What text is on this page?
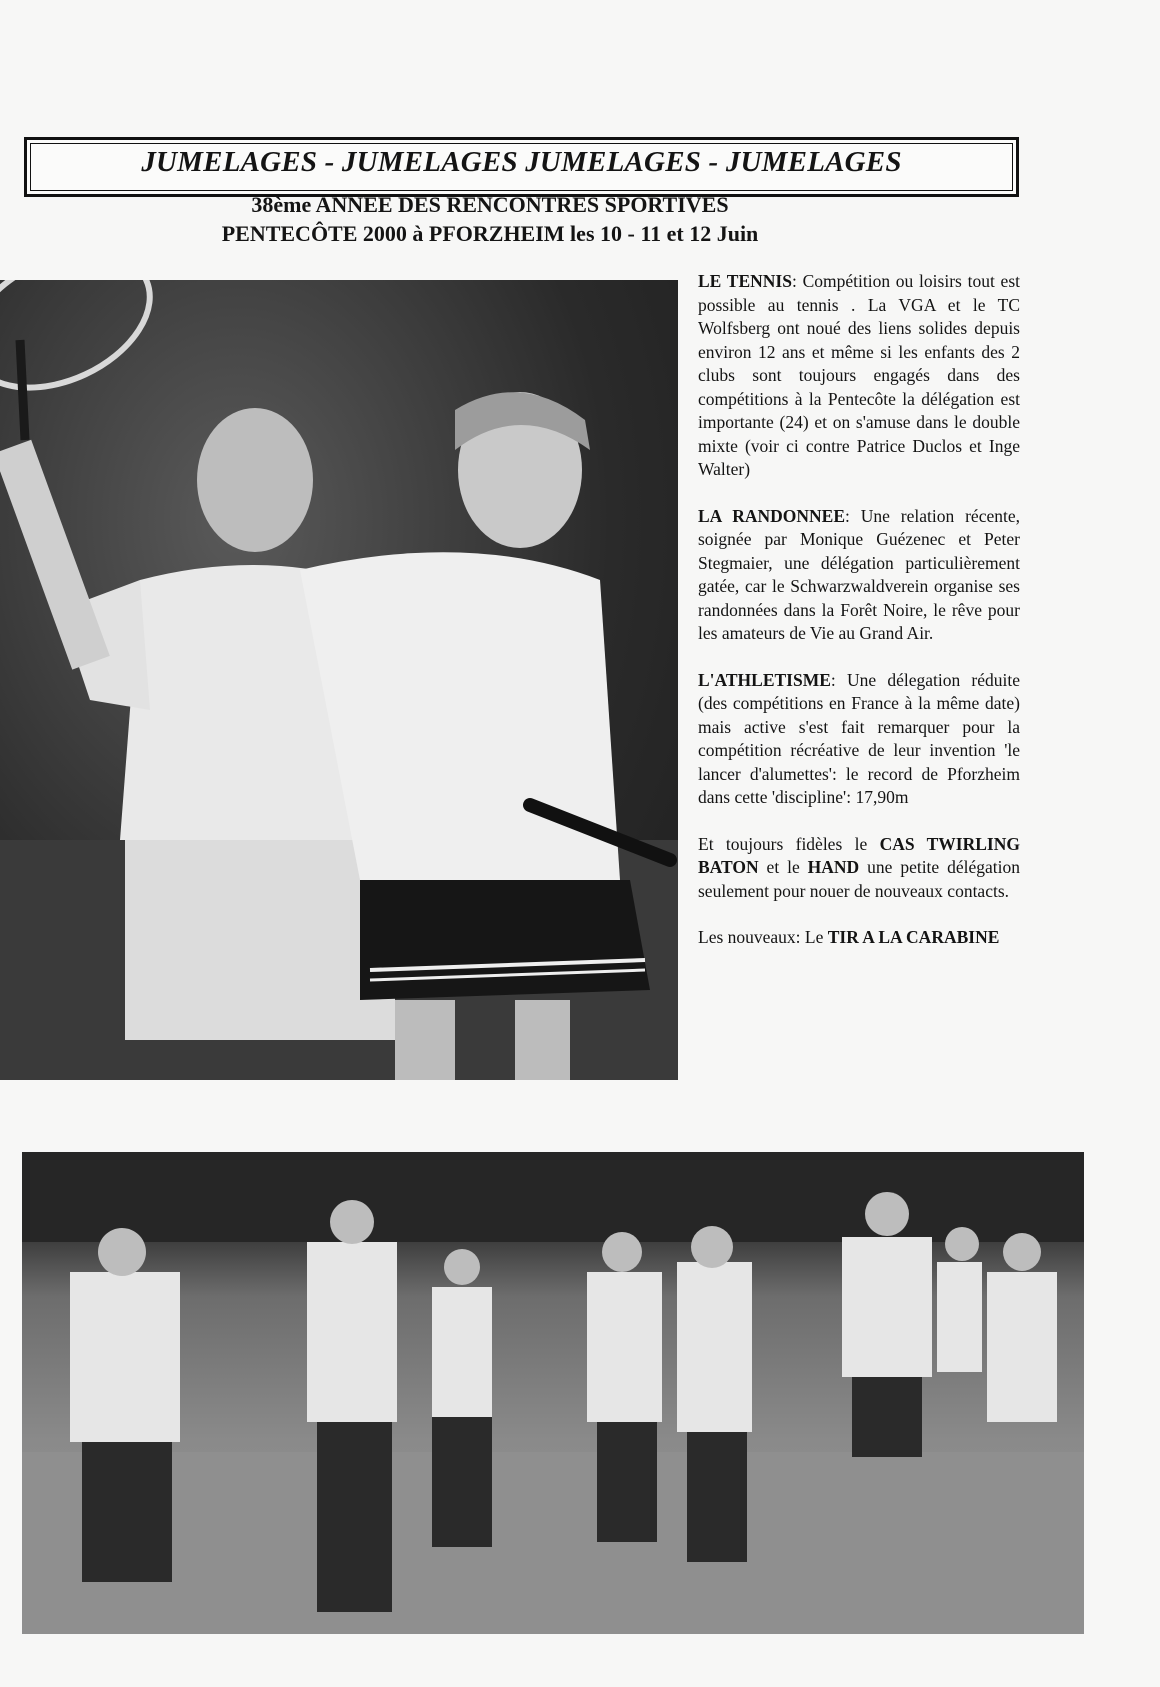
JUMELAGES - JUMELAGES JUMELAGES - JUMELAGES
38ème ANNEE DES RENCONTRES SPORTIVES
PENTECÔTE 2000 à PFORZHEIM les 10 - 11 et 12 Juin

LE TENNIS: Compétition ou loisirs tout est possible au tennis . La VGA et le TC Wolfsberg ont noué des liens solides depuis environ 12 ans et même si les enfants des 2 clubs sont toujours engagés dans des compétitions à la Pentecôte la délégation est importante (24) et on s'amuse dans le double mixte (voir ci contre Patrice Duclos et Inge Walter)

LA RANDONNEE: Une relation récente, soignée par Monique Guézenec et Peter Stegmaier, une délégation particulièrement gatée, car le Schwarzwaldverein organise ses randonnées dans la Forêt Noire, le rêve pour les amateurs de Vie au Grand Air.

L'ATHLETISME: Une délegation réduite (des compétitions en France à la même date) mais active s'est fait remarquer pour la compétition récréative de leur invention 'le lancer d'alumettes': le record de Pforzheim dans cette 'discipline': 17,90m

Et toujours fidèles le CAS TWIRLING BATON et le HAND une petite délégation seulement pour nouer de nouveaux contacts.

Les nouveaux: Le TIR A LA CARABINE
